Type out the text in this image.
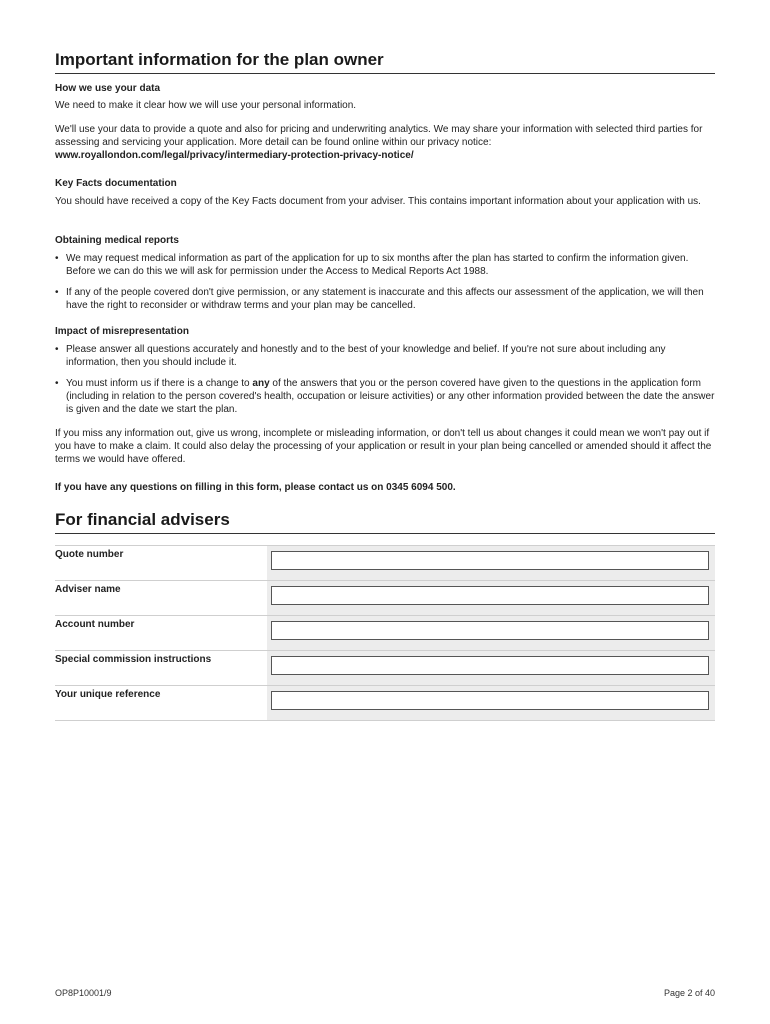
Important information for the plan owner
How we use your data
We need to make it clear how we will use your personal information.
We'll use your data to provide a quote and also for pricing and underwriting analytics. We may share your information with selected third parties for assessing and servicing your application. More detail can be found online within our privacy notice:
www.royallondon.com/legal/privacy/intermediary-protection-privacy-notice/
Key Facts documentation
You should have received a copy of the Key Facts document from your adviser. This contains important information about your application with us.
Obtaining medical reports
• We may request medical information as part of the application for up to six months after the plan has started to confirm the information given. Before we can do this we will ask for permission under the Access to Medical Reports Act 1988.
• If any of the people covered don't give permission, or any statement is inaccurate and this affects our assessment of the application, we will then have the right to reconsider or withdraw terms and your plan may be cancelled.
Impact of misrepresentation
• Please answer all questions accurately and honestly and to the best of your knowledge and belief. If you're not sure about including any information, then you should include it.
• You must inform us if there is a change to any of the answers that you or the person covered have given to the questions in the application form (including in relation to the person covered's health, occupation or leisure activities) or any other information provided between the date the answer is given and the date we start the plan.
If you miss any information out, give us wrong, incomplete or misleading information, or don't tell us about changes it could mean we won't pay out if you have to make a claim. It could also delay the processing of your application or result in your plan being cancelled or amended should it affect the terms we would have offered.
If you have any questions on filling in this form, please contact us on 0345 6094 500.
For financial advisers
Quote number
Adviser name
Account number
Special commission instructions
Your unique reference
OP8P10001/9	Page 2 of 40
